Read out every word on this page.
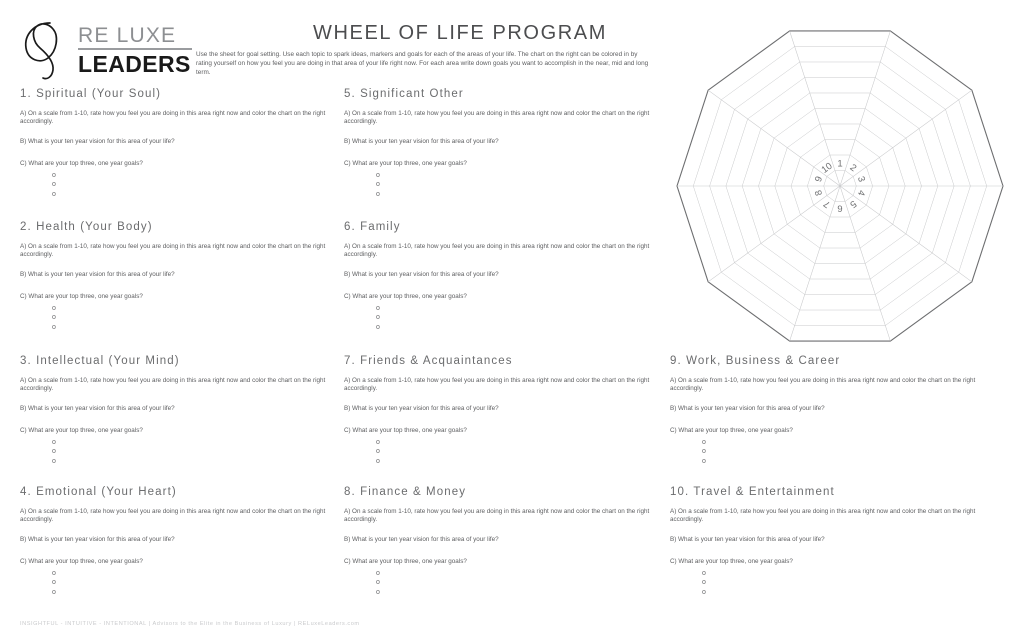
RE LUXE
LEADERS
WHEEL OF LIFE PROGRAM
Use the sheet for goal setting. Use each topic to spark ideas, markers and goals for each of the areas of your life. The chart on the right can be colored in by rating yourself on how you feel you are doing in that area of your life right now. For each area write down goals you want to accomplish in the near, mid and long term.
1. Spiritual (Your Soul)

A) On a scale from 1-10, rate how you feel you are doing in this area right now and color the chart on the right accordingly.

B) What is your ten year vision for this area of your life?

C) What are your top three, one year goals?

o
o
o
2. Health (Your Body)

A) On a scale from 1-10, rate how you feel you are doing in this area right now and color the chart on the right accordingly.

B) What is your ten year vision for this area of your life?

C) What are your top three, one year goals?

o
o
o
3. Intellectual (Your Mind)

A) On a scale from 1-10, rate how you feel you are doing in this area right now and color the chart on the right accordingly.

B) What is your ten year vision for this area of your life?

C) What are your top three, one year goals?

o
o
o
4. Emotional (Your Heart)

A) On a scale from 1-10, rate how you feel you are doing in this area right now and color the chart on the right accordingly.

B) What is your ten year vision for this area of your life?

C) What are your top three, one year goals?

o
o
o
5. Significant Other

A) On a scale from 1-10, rate how you feel you are doing in this area right now and color the chart on the right accordingly.

B) What is your ten year vision for this area of your life?

C) What are your top three, one year goals?

o
o
o
6. Family

A) On a scale from 1-10, rate how you feel you are doing in this area right now and color the chart on the right accordingly.

B) What is your ten year vision for this area of your life?

C) What are your top three, one year goals?

o
o
o
7. Friends & Acquaintances

A) On a scale from 1-10, rate how you feel you are doing in this area right now and color the chart on the right accordingly.

B) What is your ten year vision for this area of your life?

C) What are your top three, one year goals?

o
o
o
8. Finance & Money

A) On a scale from 1-10, rate how you feel you are doing in this area right now and color the chart on the right accordingly.

B) What is your ten year vision for this area of your life?

C) What are your top three, one year goals?

o
o
o
9. Work, Business & Career

A) On a scale from 1-10, rate how you feel you are doing in this area right now and color the chart on the right accordingly.

B) What is your ten year vision for this area of your life?

C) What are your top three, one year goals?

o
o
o
10. Travel & Entertainment

A) On a scale from 1-10, rate how you feel you are doing in this area right now and color the chart on the right accordingly.

B) What is your ten year vision for this area of your life?

C) What are your top three, one year goals?

o
o
o
1 2
3
4
5
6
7
8
9
10
INSIGHTFUL - INTUITIVE - INTENTIONAL | Advisors to the Elite in the Business of Luxury | RELuxeLeaders.com
